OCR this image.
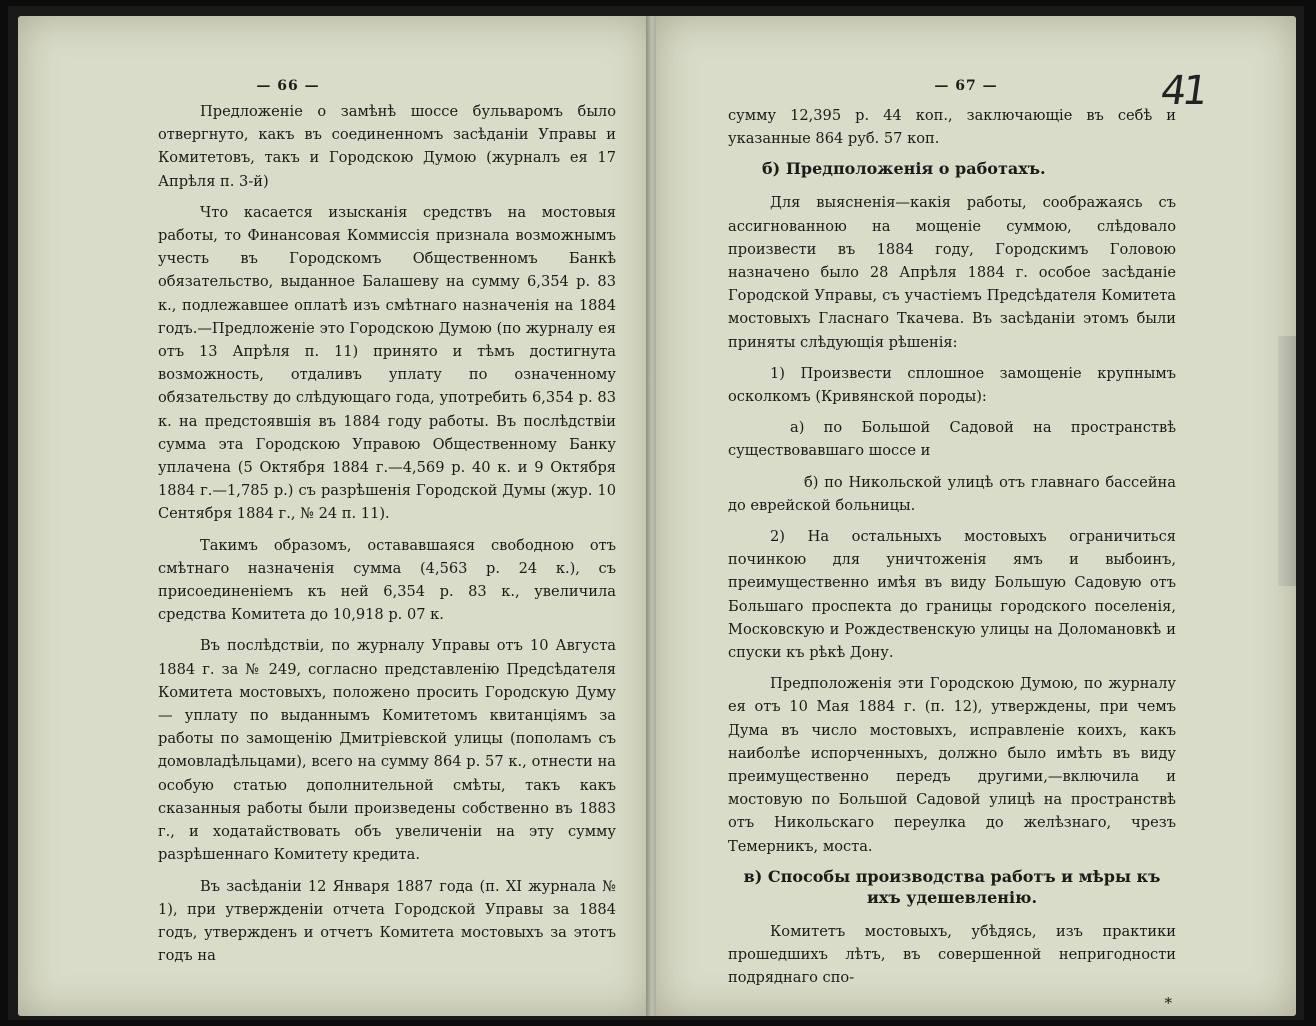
— 66 —

Предложеніе о замѣнѣ шоссе бульваромъ было отвергнуто, какъ въ соединенномъ засѣданіи Управы и Комитетовъ, такъ и Городскою Думою (журналъ ея 17 Апрѣля п. 3-й)

Что касается изысканія средствъ на мостовыя работы, то Финансовая Коммиссія признала возможнымъ учесть въ Городскомъ Общественномъ Банкѣ обязательство, выданное Балашеву на сумму 6,354 р. 83 к., подлежавшее оплатѣ изъ смѣтнаго назначенія на 1884 годъ.—Предложеніе это Городскою Думою (по журналу ея отъ 13 Апрѣля п. 11) принято и тѣмъ достигнута возможность, отдаливъ уплату по означенному обязательству до слѣдующаго года, употребить 6,354 р. 83 к. на предстоявшія въ 1884 году работы. Въ послѣдствіи сумма эта Городскою Управою Общественному Банку уплачена (5 Октября 1884 г.—4,569 р. 40 к. и 9 Октября 1884 г.—1,785 р.) съ разрѣшенія Городской Думы (жур. 10 Сентября 1884 г., № 24 п. 11).

Такимъ образомъ, остававшаяся свободною отъ смѣтнаго назначенія сумма (4,563 р. 24 к.), съ присоединеніемъ къ ней 6,354 р. 83 к., увеличила средства Комитета до 10,918 р. 07 к.

Въ послѣдствіи, по журналу Управы отъ 10 Августа 1884 г. за № 249, согласно представленію Предсѣдателя Комитета мостовыхъ, положено просить Городскую Думу— уплату по выданнымъ Комитетомъ квитанціямъ за работы по замощенію Дмитріевской улицы (пополамъ съ домовладѣльцами), всего на сумму 864 р. 57 к., отнести на особую статью дополнительной смѣты, такъ какъ сказанныя работы были произведены собственно въ 1883 г., и ходатайствовать объ увеличеніи на эту сумму разрѣшеннаго Комитету кредита.

Въ засѣданіи 12 Января 1887 года (п. XI журнала № 1), при утвержденіи отчета Городской Управы за 1884 годъ, утвержденъ и отчетъ Комитета мостовыхъ за этотъ годъ на

— 67 —	41

сумму 12,395 р. 44 коп., заключающіе въ себѣ и указанные 864 руб. 57 коп.

б) Предположенія о работахъ.

Для выясненія—какія работы, соображаясь съ ассигнованною на мощеніе суммою, слѣдовало произвести въ 1884 году, Городскимъ Головою назначено было 28 Апрѣля 1884 г. особое засѣданіе Городской Управы, съ участіемъ Предсѣдателя Комитета мостовыхъ Гласнаго Ткачева. Въ засѣданіи этомъ были приняты слѣдующія рѣшенія:

1) Произвести сплошное замощеніе крупнымъ осколкомъ (Кривянской породы):

а) по Большой Садовой на пространствѣ существовавшаго шоссе и

б) по Никольской улицѣ отъ главнаго бассейна до еврейской больницы.

2) На остальныхъ мостовыхъ ограничиться починкою для уничтоженія ямъ и выбоинъ, преимущественно имѣя въ виду Большую Садовую отъ Большаго проспекта до границы городского поселенія, Московскую и Рождественскую улицы на Доломановкѣ и спуски къ рѣкѣ Дону.

Предположенія эти Городскою Думою, по журналу ея отъ 10 Мая 1884 г. (п. 12), утверждены, при чемъ Дума въ число мостовыхъ, исправленіе коихъ, какъ наиболѣе испорченныхъ, должно было имѣть въ виду преимущественно передъ другими,—включила и мостовую по Большой Садовой улицѣ на пространствѣ отъ Никольскаго переулка до желѣзнаго, чрезъ Темерникъ, моста.

в) Способы производства работъ и мѣры къ ихъ удешевленію.

Комитетъ мостовыхъ, убѣдясь, изъ практики прошедшихъ лѣтъ, въ совершенной непригодности подряднаго спо-

*
